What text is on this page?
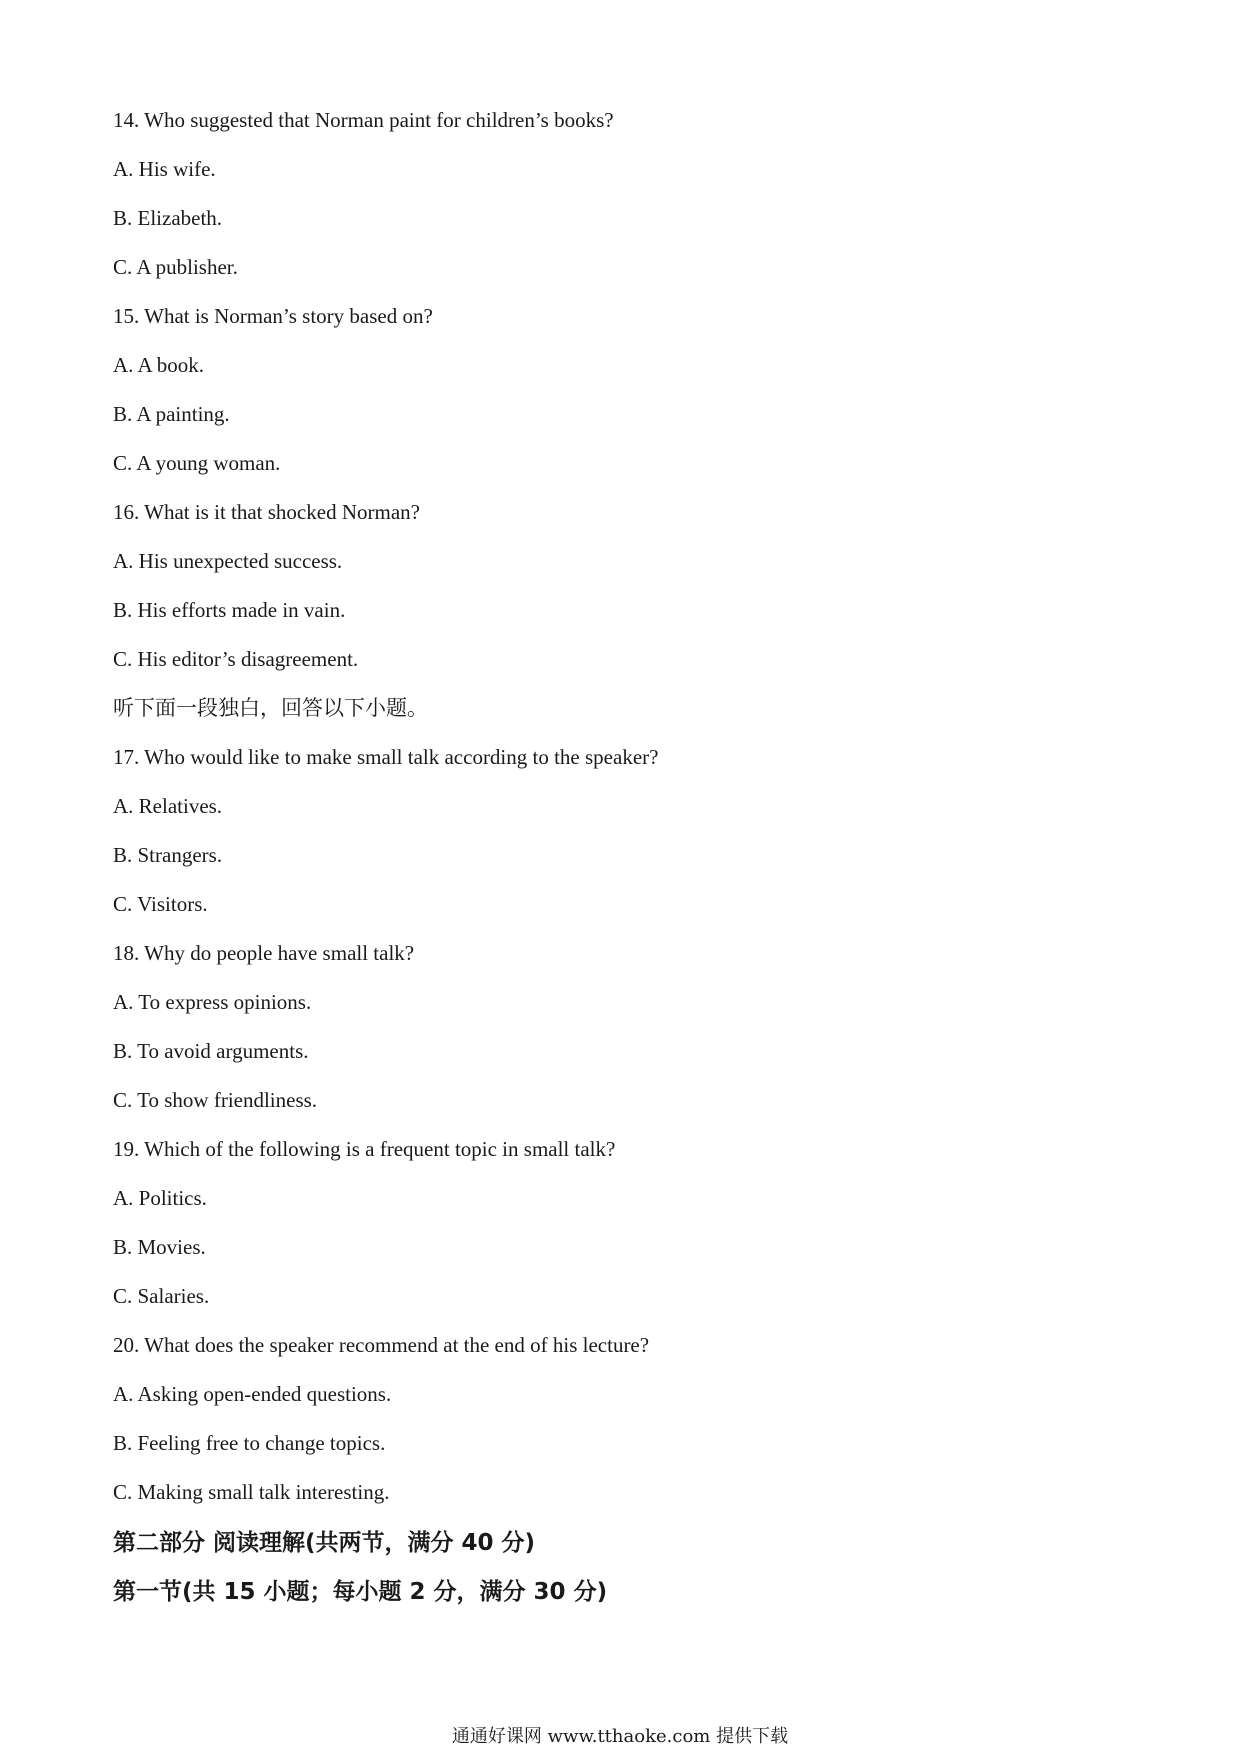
14. Who suggested that Norman paint for children’s books?
A. His wife.
B. Elizabeth.
C. A publisher.
15. What is Norman’s story based on?
A. A book.
B. A painting.
C. A young woman.
16. What is it that shocked Norman?
A. His unexpected success.
B. His efforts made in vain.
C. His editor’s disagreement.
听下面一段独白，回答以下小题。
17. Who would like to make small talk according to the speaker?
A. Relatives.
B. Strangers.
C. Visitors.
18. Why do people have small talk?
A. To express opinions.
B. To avoid arguments.
C. To show friendliness.
19. Which of the following is a frequent topic in small talk?
A. Politics.
B. Movies.
C. Salaries.
20. What does the speaker recommend at the end of his lecture?
A. Asking open-ended questions.
B. Feeling free to change topics.
C. Making small talk interesting.
第二部分 阅读理解(共两节，满分 40 分)
第一节(共 15 小题；每小题 2 分，满分 30 分)
通通好课网 www.tthaoke.com 提供下载
